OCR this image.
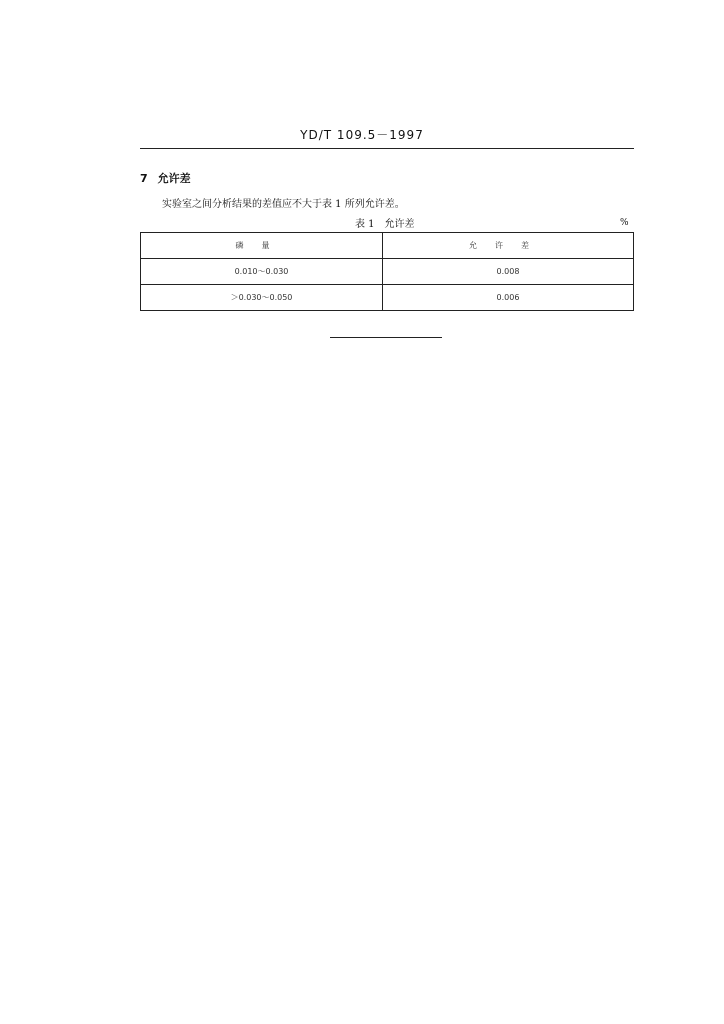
YD/T 109.5－1997
7 允许差
实验室之间分析结果的差值应不大于表 1 所列允许差。
表 1 允许差	%
磷量	允许差
0.010～0.030	0.008
＞0.030～0.050	0.006
